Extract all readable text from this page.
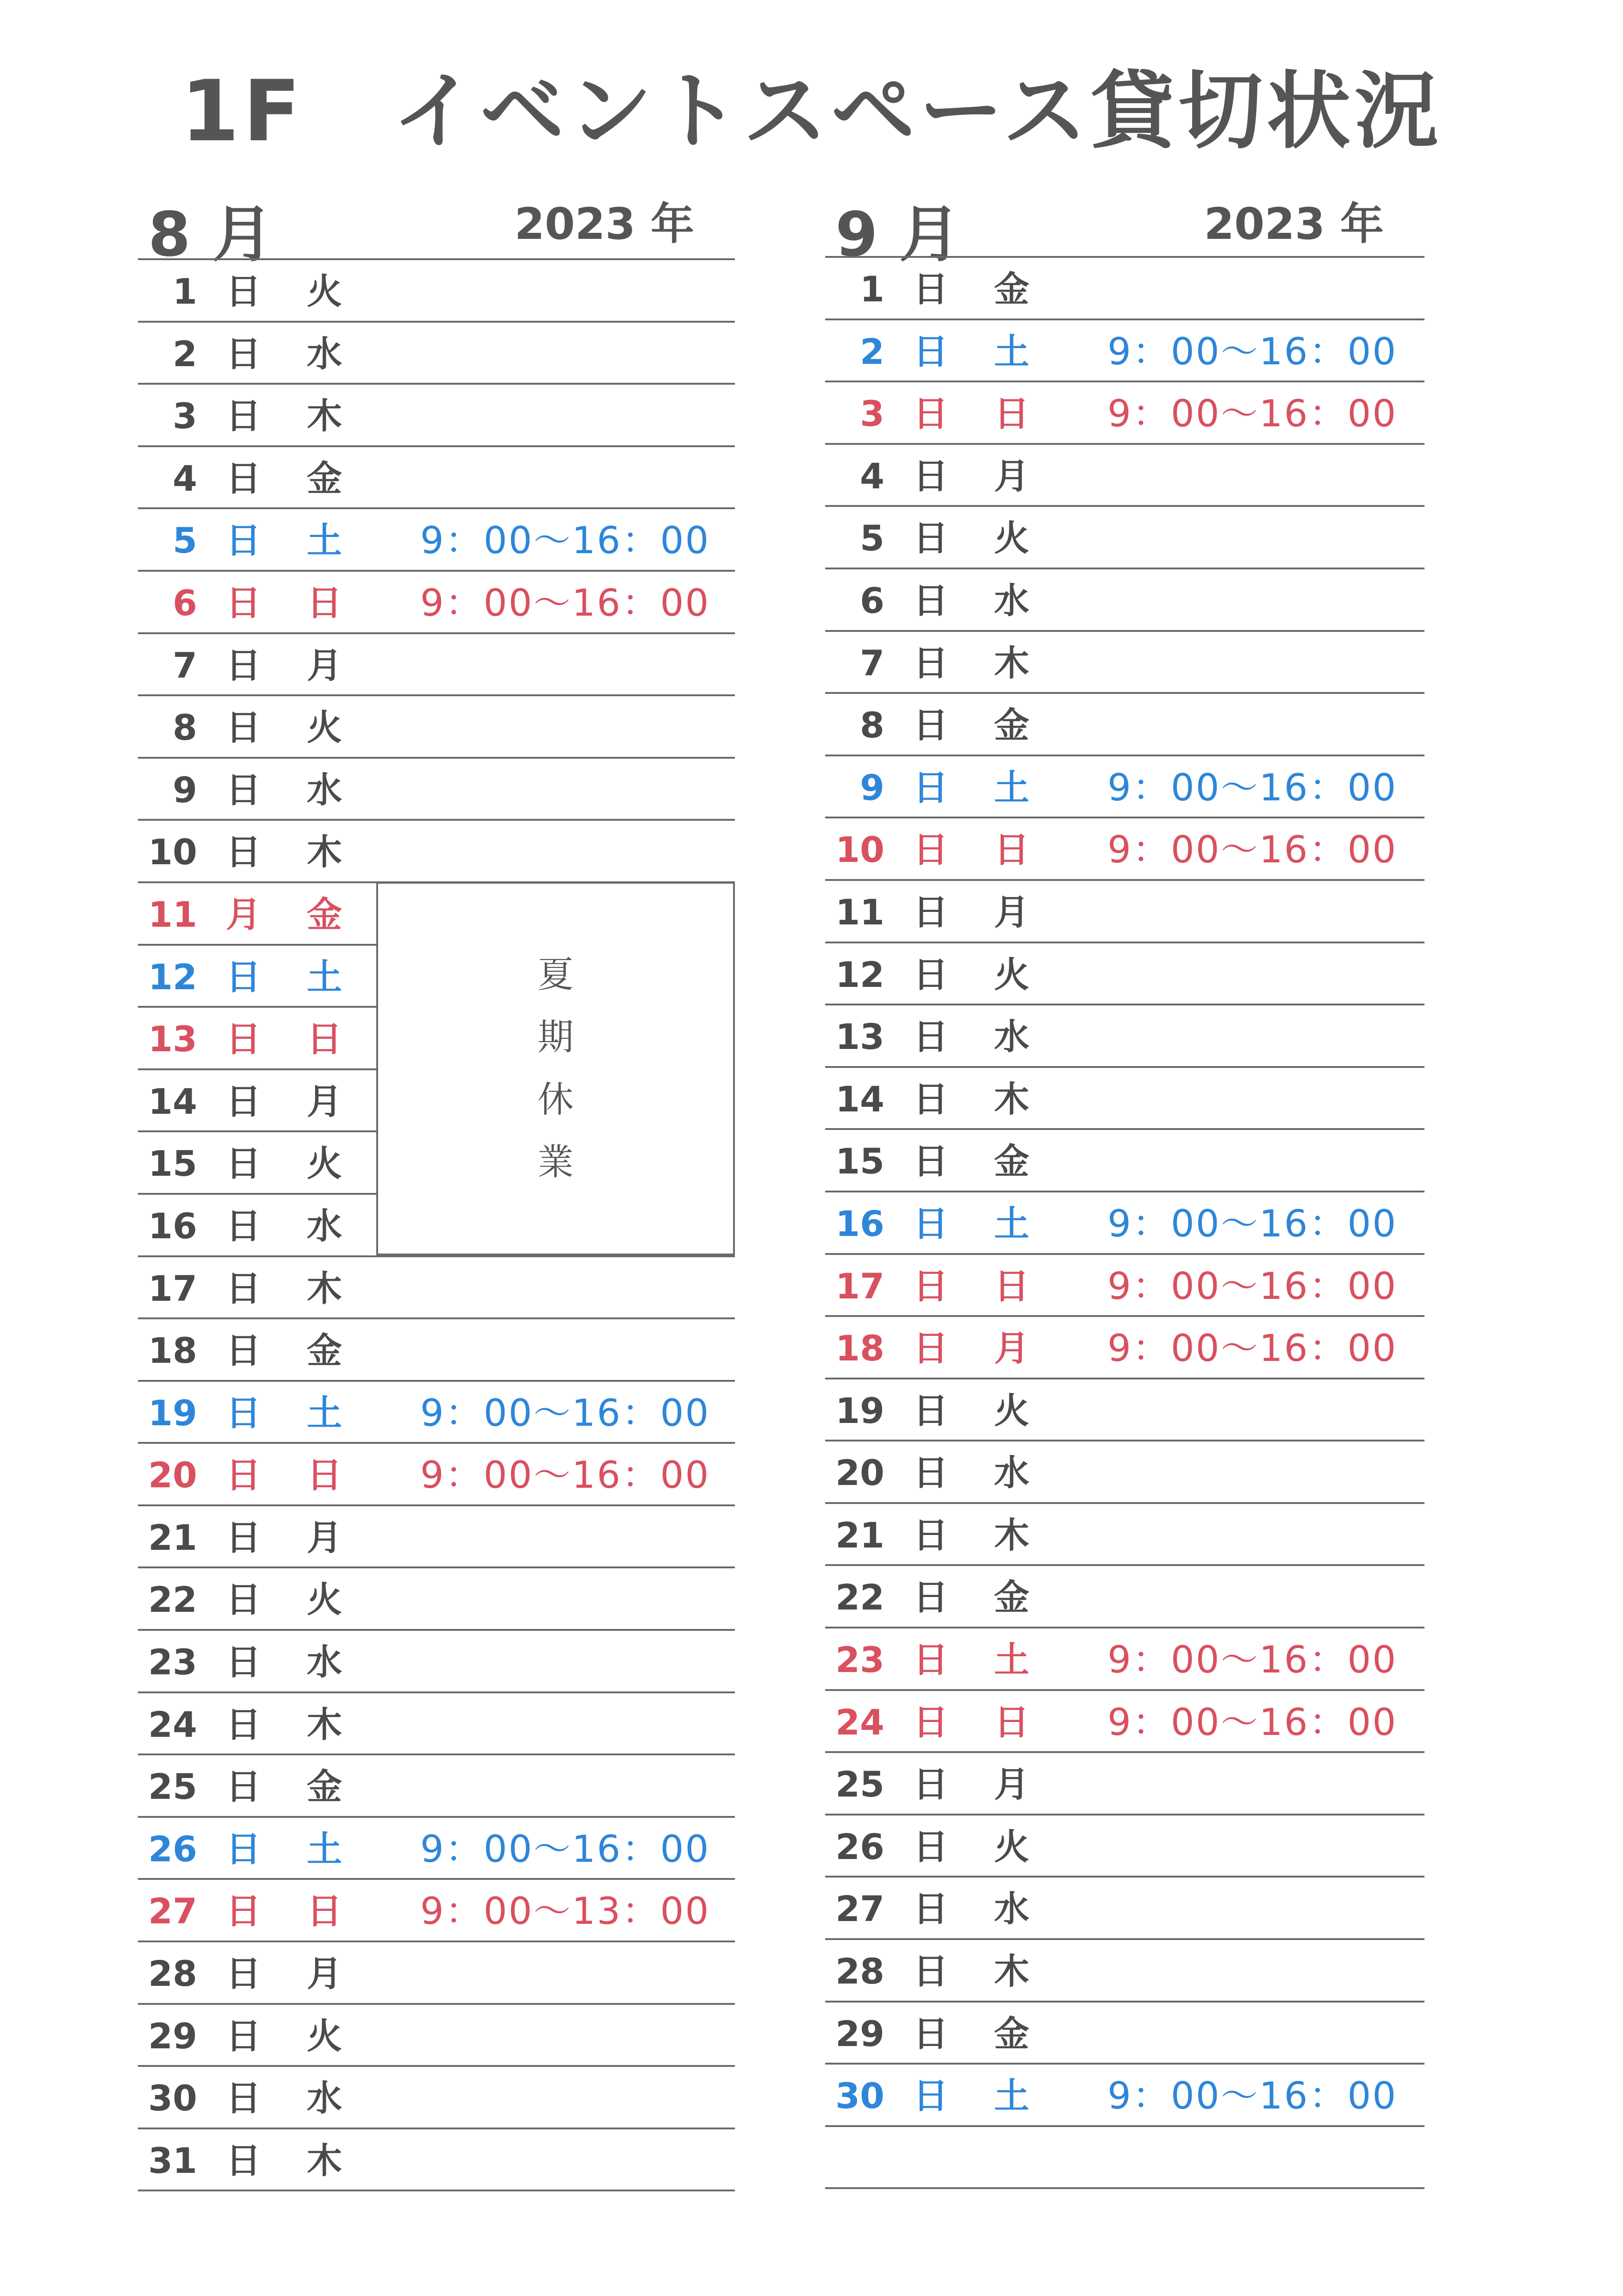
1F　イベントスペース貸切状況
8 月	2023 年
1 日 火
2 日 水
3 日 木
4 日 金
5 日 土 9：00〜16：00
6 日 日 9：00〜16：00
7 日 月
8 日 火
9 日 水
10 日 木
11 月 金
12 日 土
13 日 日
14 日 月
15 日 火
16 日 水
17 日 木
18 日 金
19 日 土 9：00〜16：00
20 日 日 9：00〜16：00
21 日 月
22 日 火
23 日 水
24 日 木
25 日 金
26 日 土 9：00〜16：00
27 日 日 9：00〜13：00
28 日 月
29 日 火
30 日 水
31 日 木
夏
期
休
業
9 月	2023 年
1 日 金
2 日 土 9：00〜16：00
3 日 日 9：00〜16：00
4 日 月
5 日 火
6 日 水
7 日 木
8 日 金
9 日 土 9：00〜16：00
10 日 日 9：00〜16：00
11 日 月
12 日 火
13 日 水
14 日 木
15 日 金
16 日 土 9：00〜16：00
17 日 日 9：00〜16：00
18 日 月 9：00〜16：00
19 日 火
20 日 水
21 日 木
22 日 金
23 日 土 9：00〜16：00
24 日 日 9：00〜16：00
25 日 月
26 日 火
27 日 水
28 日 木
29 日 金
30 日 土 9：00〜16：00
